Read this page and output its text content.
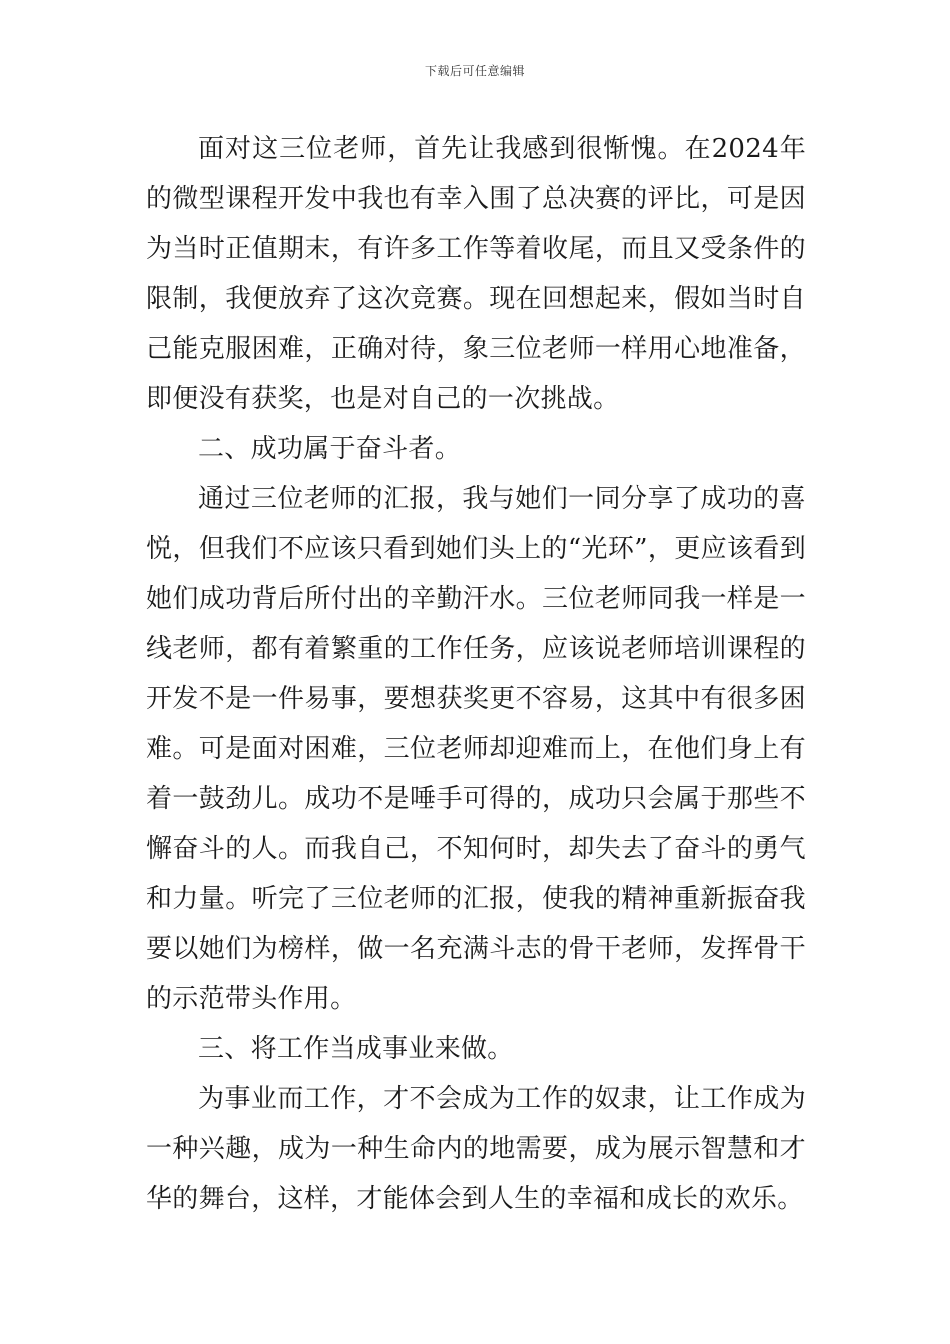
下载后可任意编辑

面对这三位老师，首先让我感到很惭愧。在2024年的微型课程开发中我也有幸入围了总决赛的评比，可是因为当时正值期末，有许多工作等着收尾，而且又受条件的限制，我便放弃了这次竞赛。现在回想起来，假如当时自己能克服困难，正确对待，象三位老师一样用心地准备，即便没有获奖，也是对自己的一次挑战。

二、成功属于奋斗者。

通过三位老师的汇报，我与她们一同分享了成功的喜悦，但我们不应该只看到她们头上的“光环”，更应该看到她们成功背后所付出的辛勤汗水。三位老师同我一样是一线老师，都有着繁重的工作任务，应该说老师培训课程的开发不是一件易事，要想获奖更不容易，这其中有很多困难。可是面对困难，三位老师却迎难而上，在他们身上有着一鼓劲儿。成功不是唾手可得的，成功只会属于那些不懈奋斗的人。而我自己，不知何时，却失去了奋斗的勇气和力量。听完了三位老师的汇报，使我的精神重新振奋我要以她们为榜样，做一名充满斗志的骨干老师，发挥骨干的示范带头作用。

三、将工作当成事业来做。

为事业而工作，才不会成为工作的奴隶，让工作成为一种兴趣，成为一种生命内的地需要，成为展示智慧和才华的舞台，这样，才能体会到人生的幸福和成长的欢乐。
